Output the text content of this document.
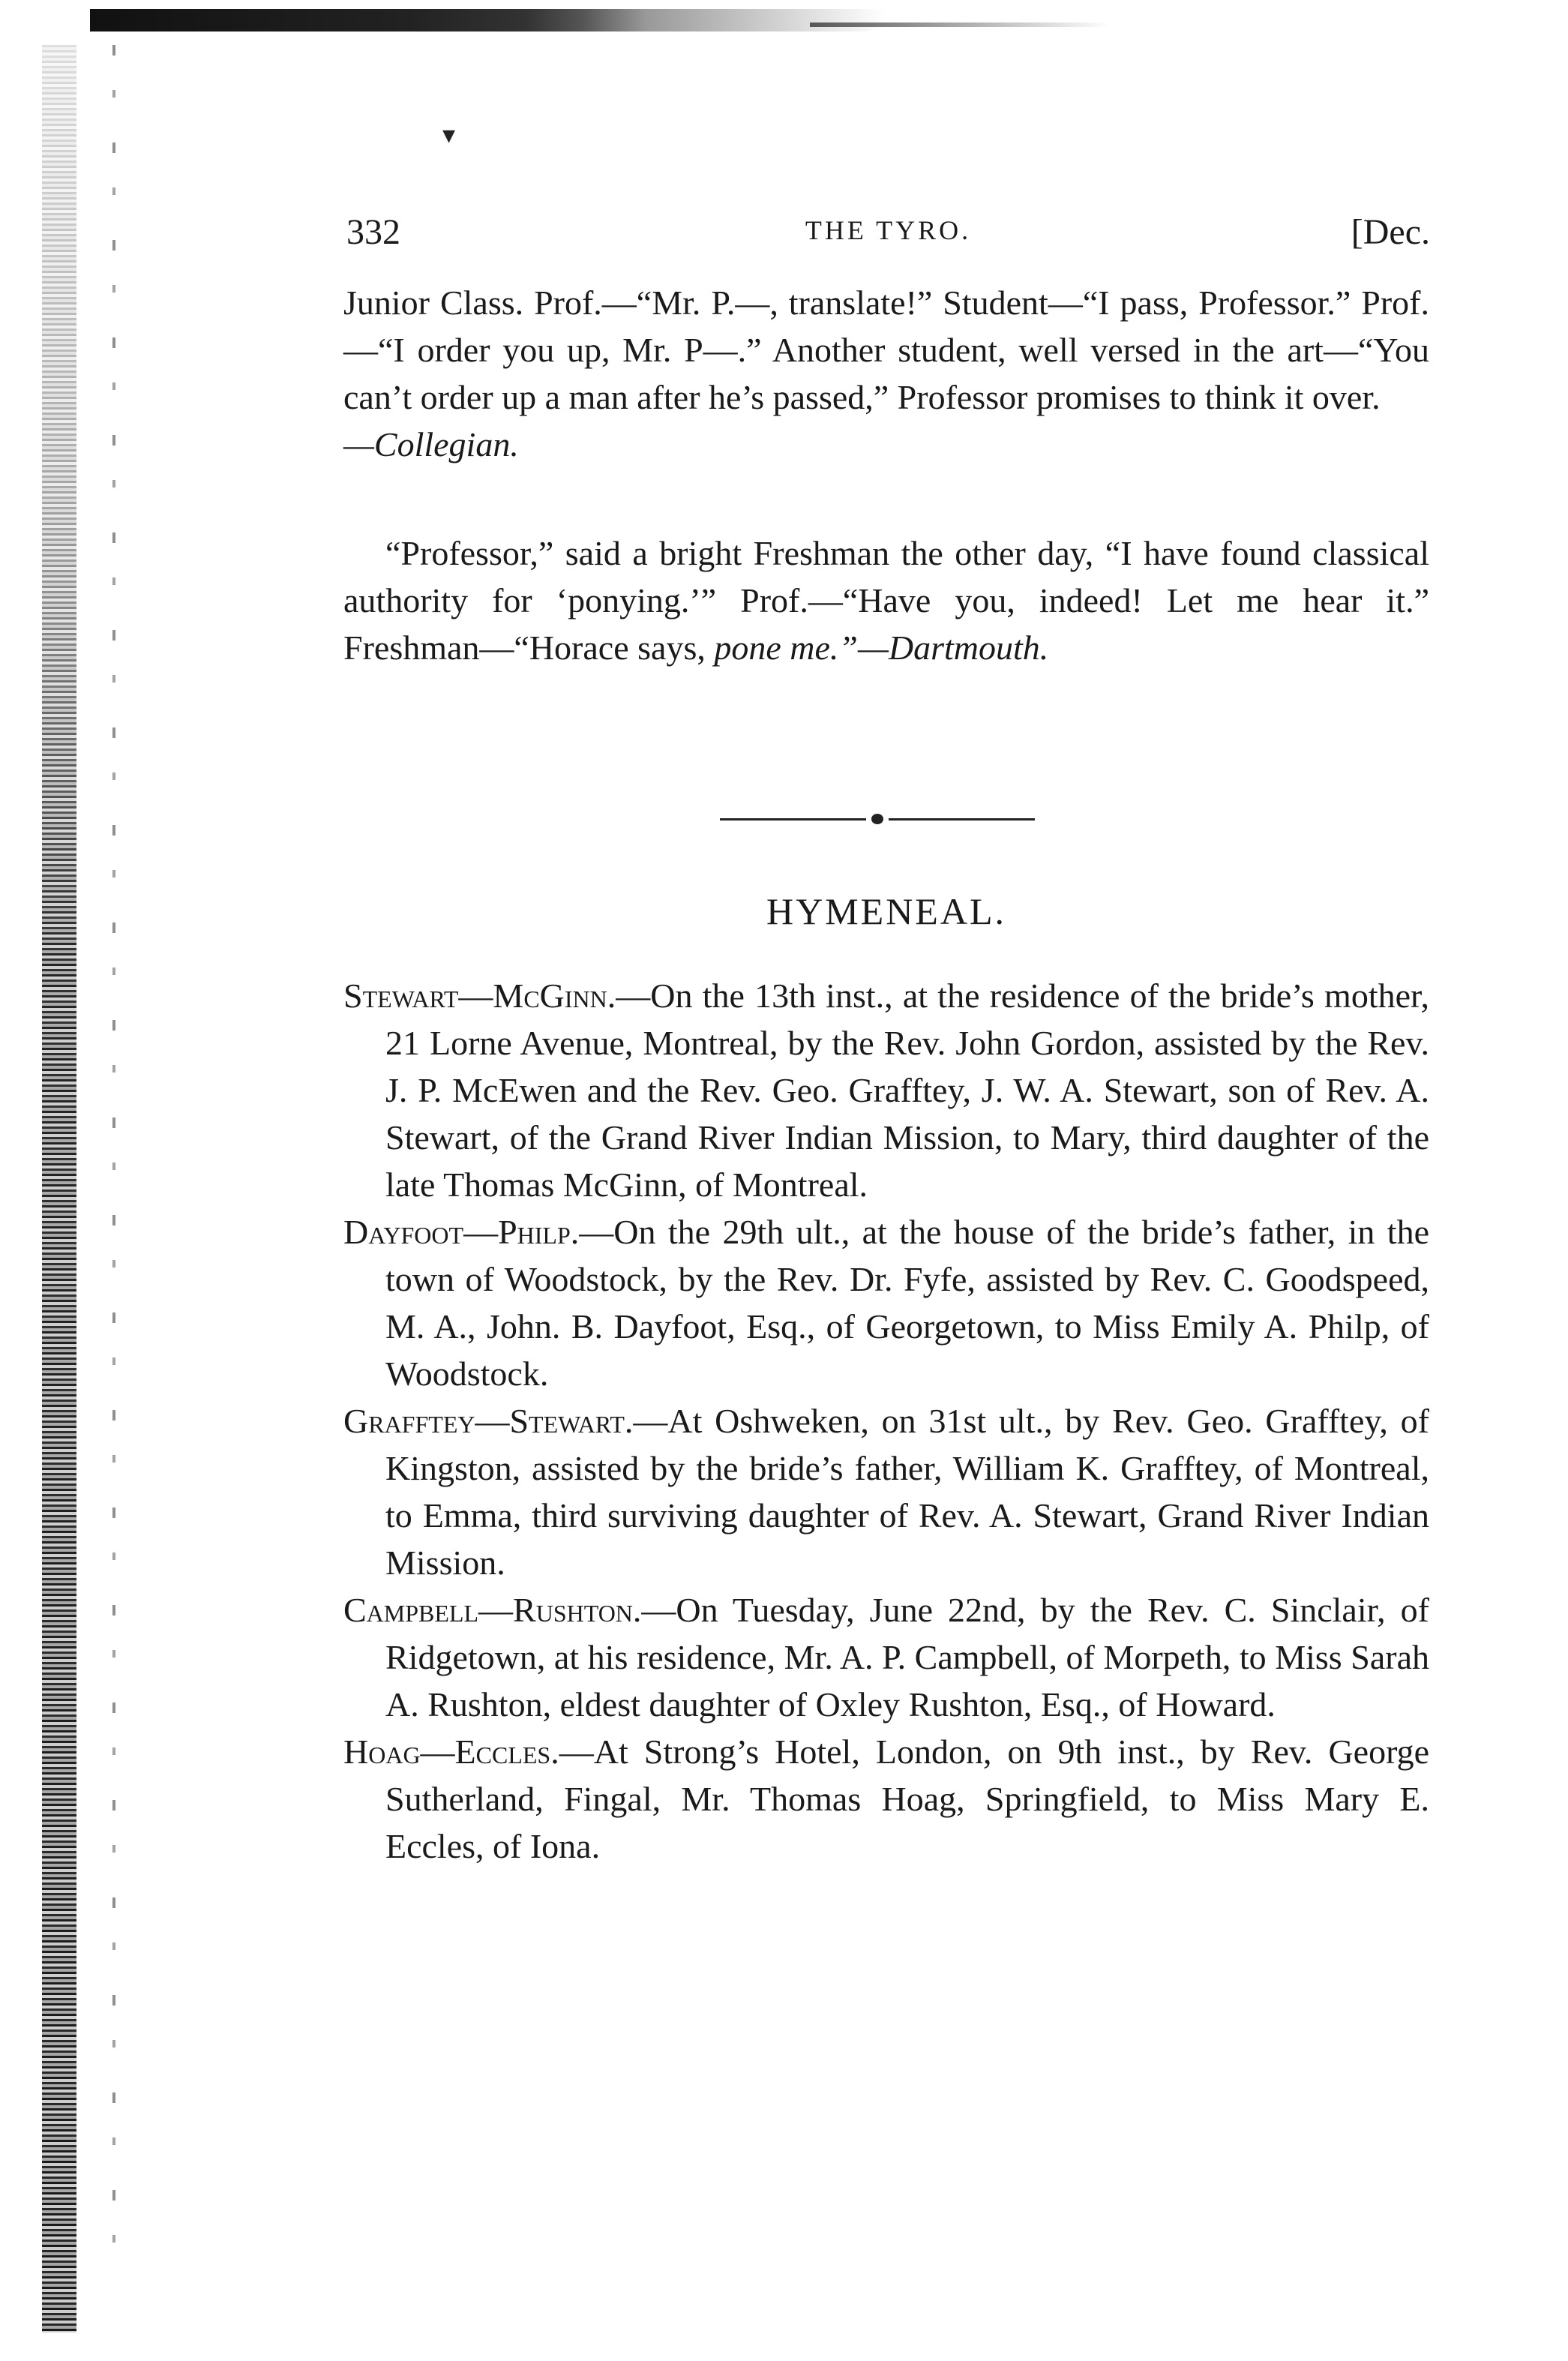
▾
332	THE TYRO.	[Dec.

Junior Class. Prof.—“Mr. P.—, translate!” Student—“I pass, Professor.” Prof.—“I order you up, Mr. P—.” Another student, well versed in the art—“You can’t order up a man after he’s passed,” Professor promises to think it over.

—Collegian.

“Professor,” said a bright Freshman the other day, “I have found classical authority for ‘ponying.’” Prof.—“Have you, indeed! Let me hear it.” Freshman—“Horace says, pone me.”—Dartmouth.

HYMENEAL.

Stewart—McGinn.—On the 13th inst., at the residence of the bride’s mother, 21 Lorne Avenue, Montreal, by the Rev. John Gordon, assisted by the Rev. J. P. McEwen and the Rev. Geo. Grafftey, J. W. A. Stewart, son of Rev. A. Stewart, of the Grand River Indian Mission, to Mary, third daughter of the late Thomas McGinn, of Montreal.

Dayfoot—Philp.—On the 29th ult., at the house of the bride’s father, in the town of Woodstock, by the Rev. Dr. Fyfe, assisted by Rev. C. Goodspeed, M. A., John. B. Dayfoot, Esq., of Georgetown, to Miss Emily A. Philp, of Woodstock.

Grafftey—Stewart.—At Oshweken, on 31st ult., by Rev. Geo. Grafftey, of Kingston, assisted by the bride’s father, William K. Grafftey, of Montreal, to Emma, third surviving daughter of Rev. A. Stewart, Grand River Indian Mission.

Campbell—Rushton.—On Tuesday, June 22nd, by the Rev. C. Sinclair, of Ridgetown, at his residence, Mr. A. P. Campbell, of Morpeth, to Miss Sarah A. Rushton, eldest daughter of Oxley Rushton, Esq., of Howard.

Hoag—Eccles.—At Strong’s Hotel, London, on 9th inst., by Rev. George Sutherland, Fingal, Mr. Thomas Hoag, Springfield, to Miss Mary E. Eccles, of Iona.
